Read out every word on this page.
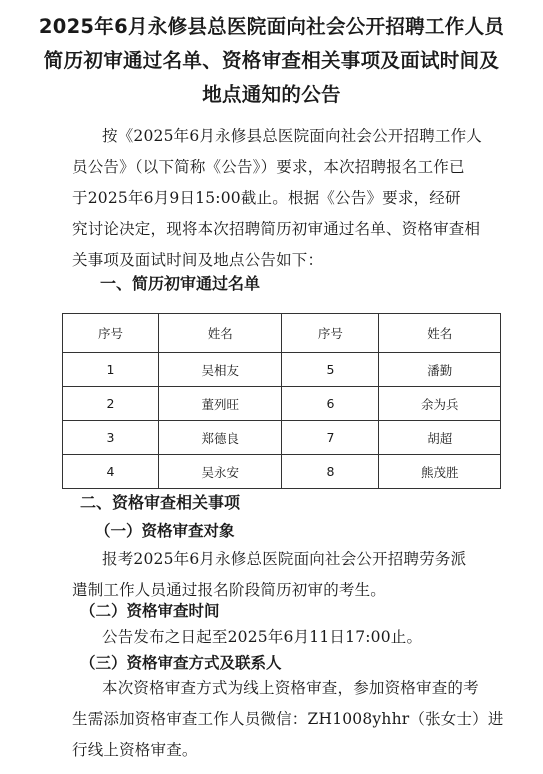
2025年6月永修县总医院面向社会公开招聘工作人员
简历初审通过名单、资格审查相关事项及面试时间及
地点通知的公告
按《2025年6月永修县总医院面向社会公开招聘工作人
员公告》（以下简称《公告》）要求，本次招聘报名工作已
于2025年6月9日15:00截止。根据《公告》要求，经研
究讨论决定，现将本次招聘简历初审通过名单、资格审查相
关事项及面试时间及地点公告如下：
一、简历初审通过名单
序号	姓名	序号	姓名
1	吴相友	5	潘勤
2	董列旺	6	余为兵
3	郑德良	7	胡超
4	吴永安	8	熊茂胜
二、资格审查相关事项
（一）资格审查对象
报考2025年6月永修总医院面向社会公开招聘劳务派
遣制工作人员通过报名阶段简历初审的考生。
（二）资格审查时间
公告发布之日起至2025年6月11日17:00止。
（三）资格审查方式及联系人
本次资格审查方式为线上资格审查，参加资格审查的考
生需添加资格审查工作人员微信：ZH1008yhhr（张女士）进
行线上资格审查。
